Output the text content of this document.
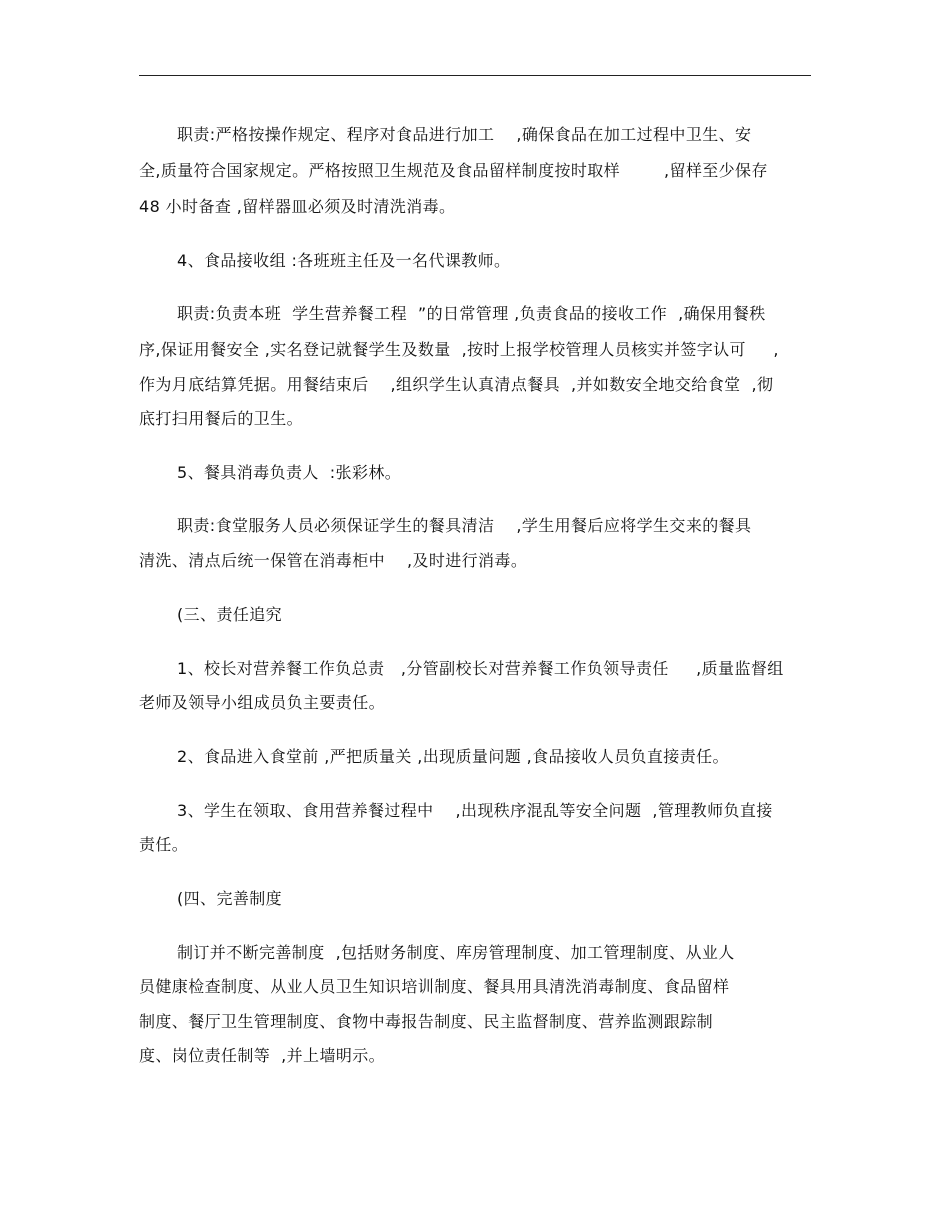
职责:严格按操作规定、程序对食品进行加工    ,确保食品在加工过程中卫生、安
全,质量符合国家规定。严格按照卫生规范及食品留样制度按时取样        ,留样至少保存
48 小时备查 ,留样器皿必须及时清洗消毒。
4、食品接收组 :各班班主任及一名代课教师。
职责:负责本班  学生营养餐工程  ”的日常管理 ,负责食品的接收工作  ,确保用餐秩
序,保证用餐安全 ,实名登记就餐学生及数量  ,按时上报学校管理人员核实并签字认可     ,
作为月底结算凭据。用餐结束后    ,组织学生认真清点餐具  ,并如数安全地交给食堂  ,彻
底打扫用餐后的卫生。
5、餐具消毒负责人  :张彩林。
职责:食堂服务人员必须保证学生的餐具清洁    ,学生用餐后应将学生交来的餐具
清洗、清点后统一保管在消毒柜中    ,及时进行消毒。
(三、责任追究
1、校长对营养餐工作负总责   ,分管副校长对营养餐工作负领导责任     ,质量监督组
老师及领导小组成员负主要责任。
2、食品进入食堂前 ,严把质量关 ,出现质量问题 ,食品接收人员负直接责任。
3、学生在领取、食用营养餐过程中    ,出现秩序混乱等安全问题  ,管理教师负直接
责任。
(四、完善制度
制订并不断完善制度  ,包括财务制度、库房管理制度、加工管理制度、从业人
员健康检查制度、从业人员卫生知识培训制度、餐具用具清洗消毒制度、食品留样
制度、餐厅卫生管理制度、食物中毒报告制度、民主监督制度、营养监测跟踪制
度、岗位责任制等  ,并上墙明示。
